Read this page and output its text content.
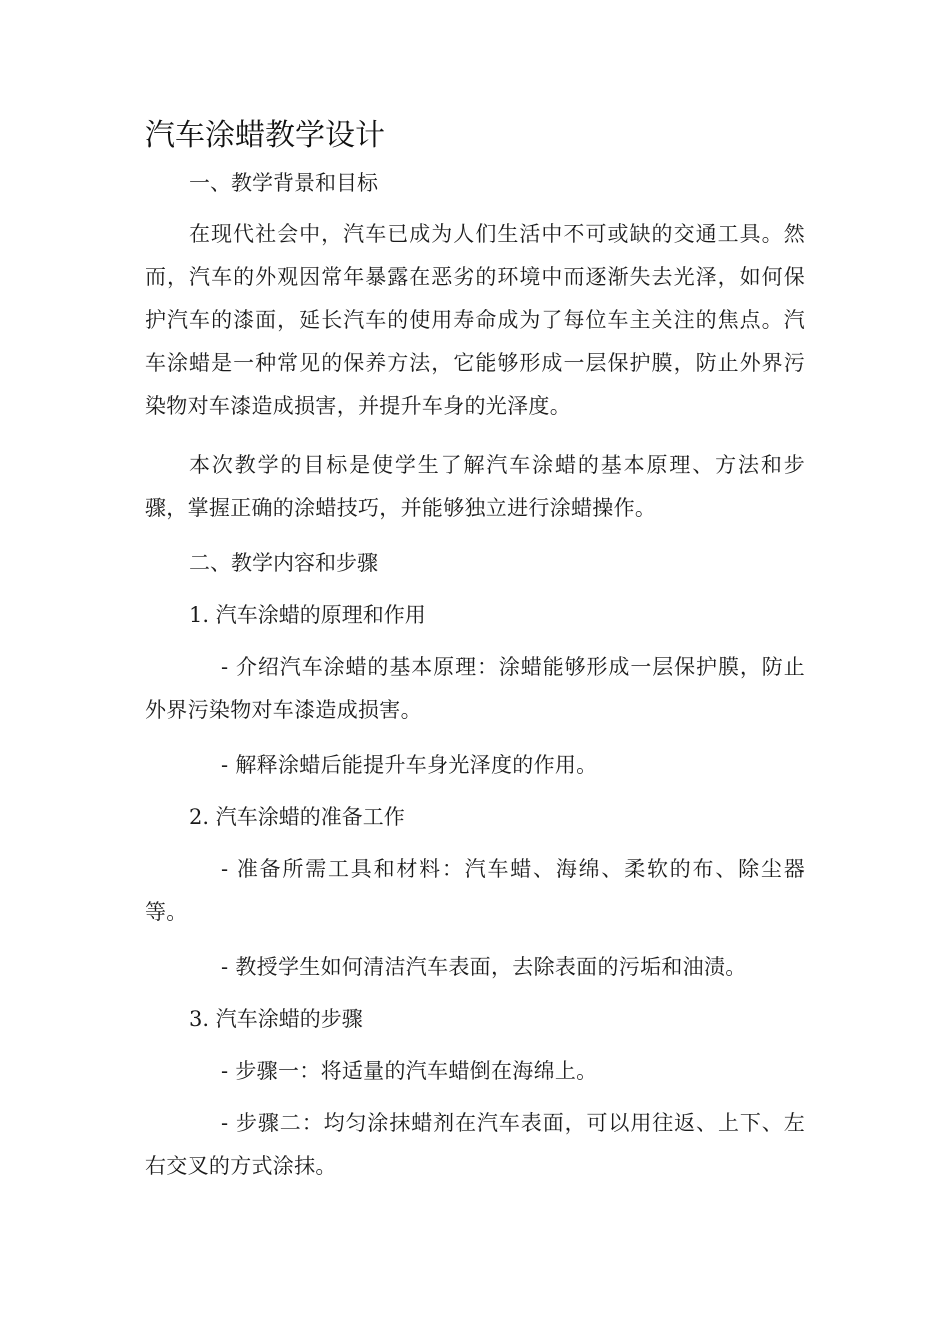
汽车涂蜡教学设计

一、教学背景和目标

在现代社会中，汽车已成为人们生活中不可或缺的交通工具。然而，汽车的外观因常年暴露在恶劣的环境中而逐渐失去光泽，如何保护汽车的漆面，延长汽车的使用寿命成为了每位车主关注的焦点。汽车涂蜡是一种常见的保养方法，它能够形成一层保护膜，防止外界污染物对车漆造成损害，并提升车身的光泽度。

本次教学的目标是使学生了解汽车涂蜡的基本原理、方法和步骤，掌握正确的涂蜡技巧，并能够独立进行涂蜡操作。

二、教学内容和步骤

1. 汽车涂蜡的原理和作用

- 介绍汽车涂蜡的基本原理：涂蜡能够形成一层保护膜，防止外界污染物对车漆造成损害。

- 解释涂蜡后能提升车身光泽度的作用。

2. 汽车涂蜡的准备工作

- 准备所需工具和材料：汽车蜡、海绵、柔软的布、除尘器等。

- 教授学生如何清洁汽车表面，去除表面的污垢和油渍。

3. 汽车涂蜡的步骤

- 步骤一：将适量的汽车蜡倒在海绵上。

- 步骤二：均匀涂抹蜡剂在汽车表面，可以用往返、上下、左右交叉的方式涂抹。
